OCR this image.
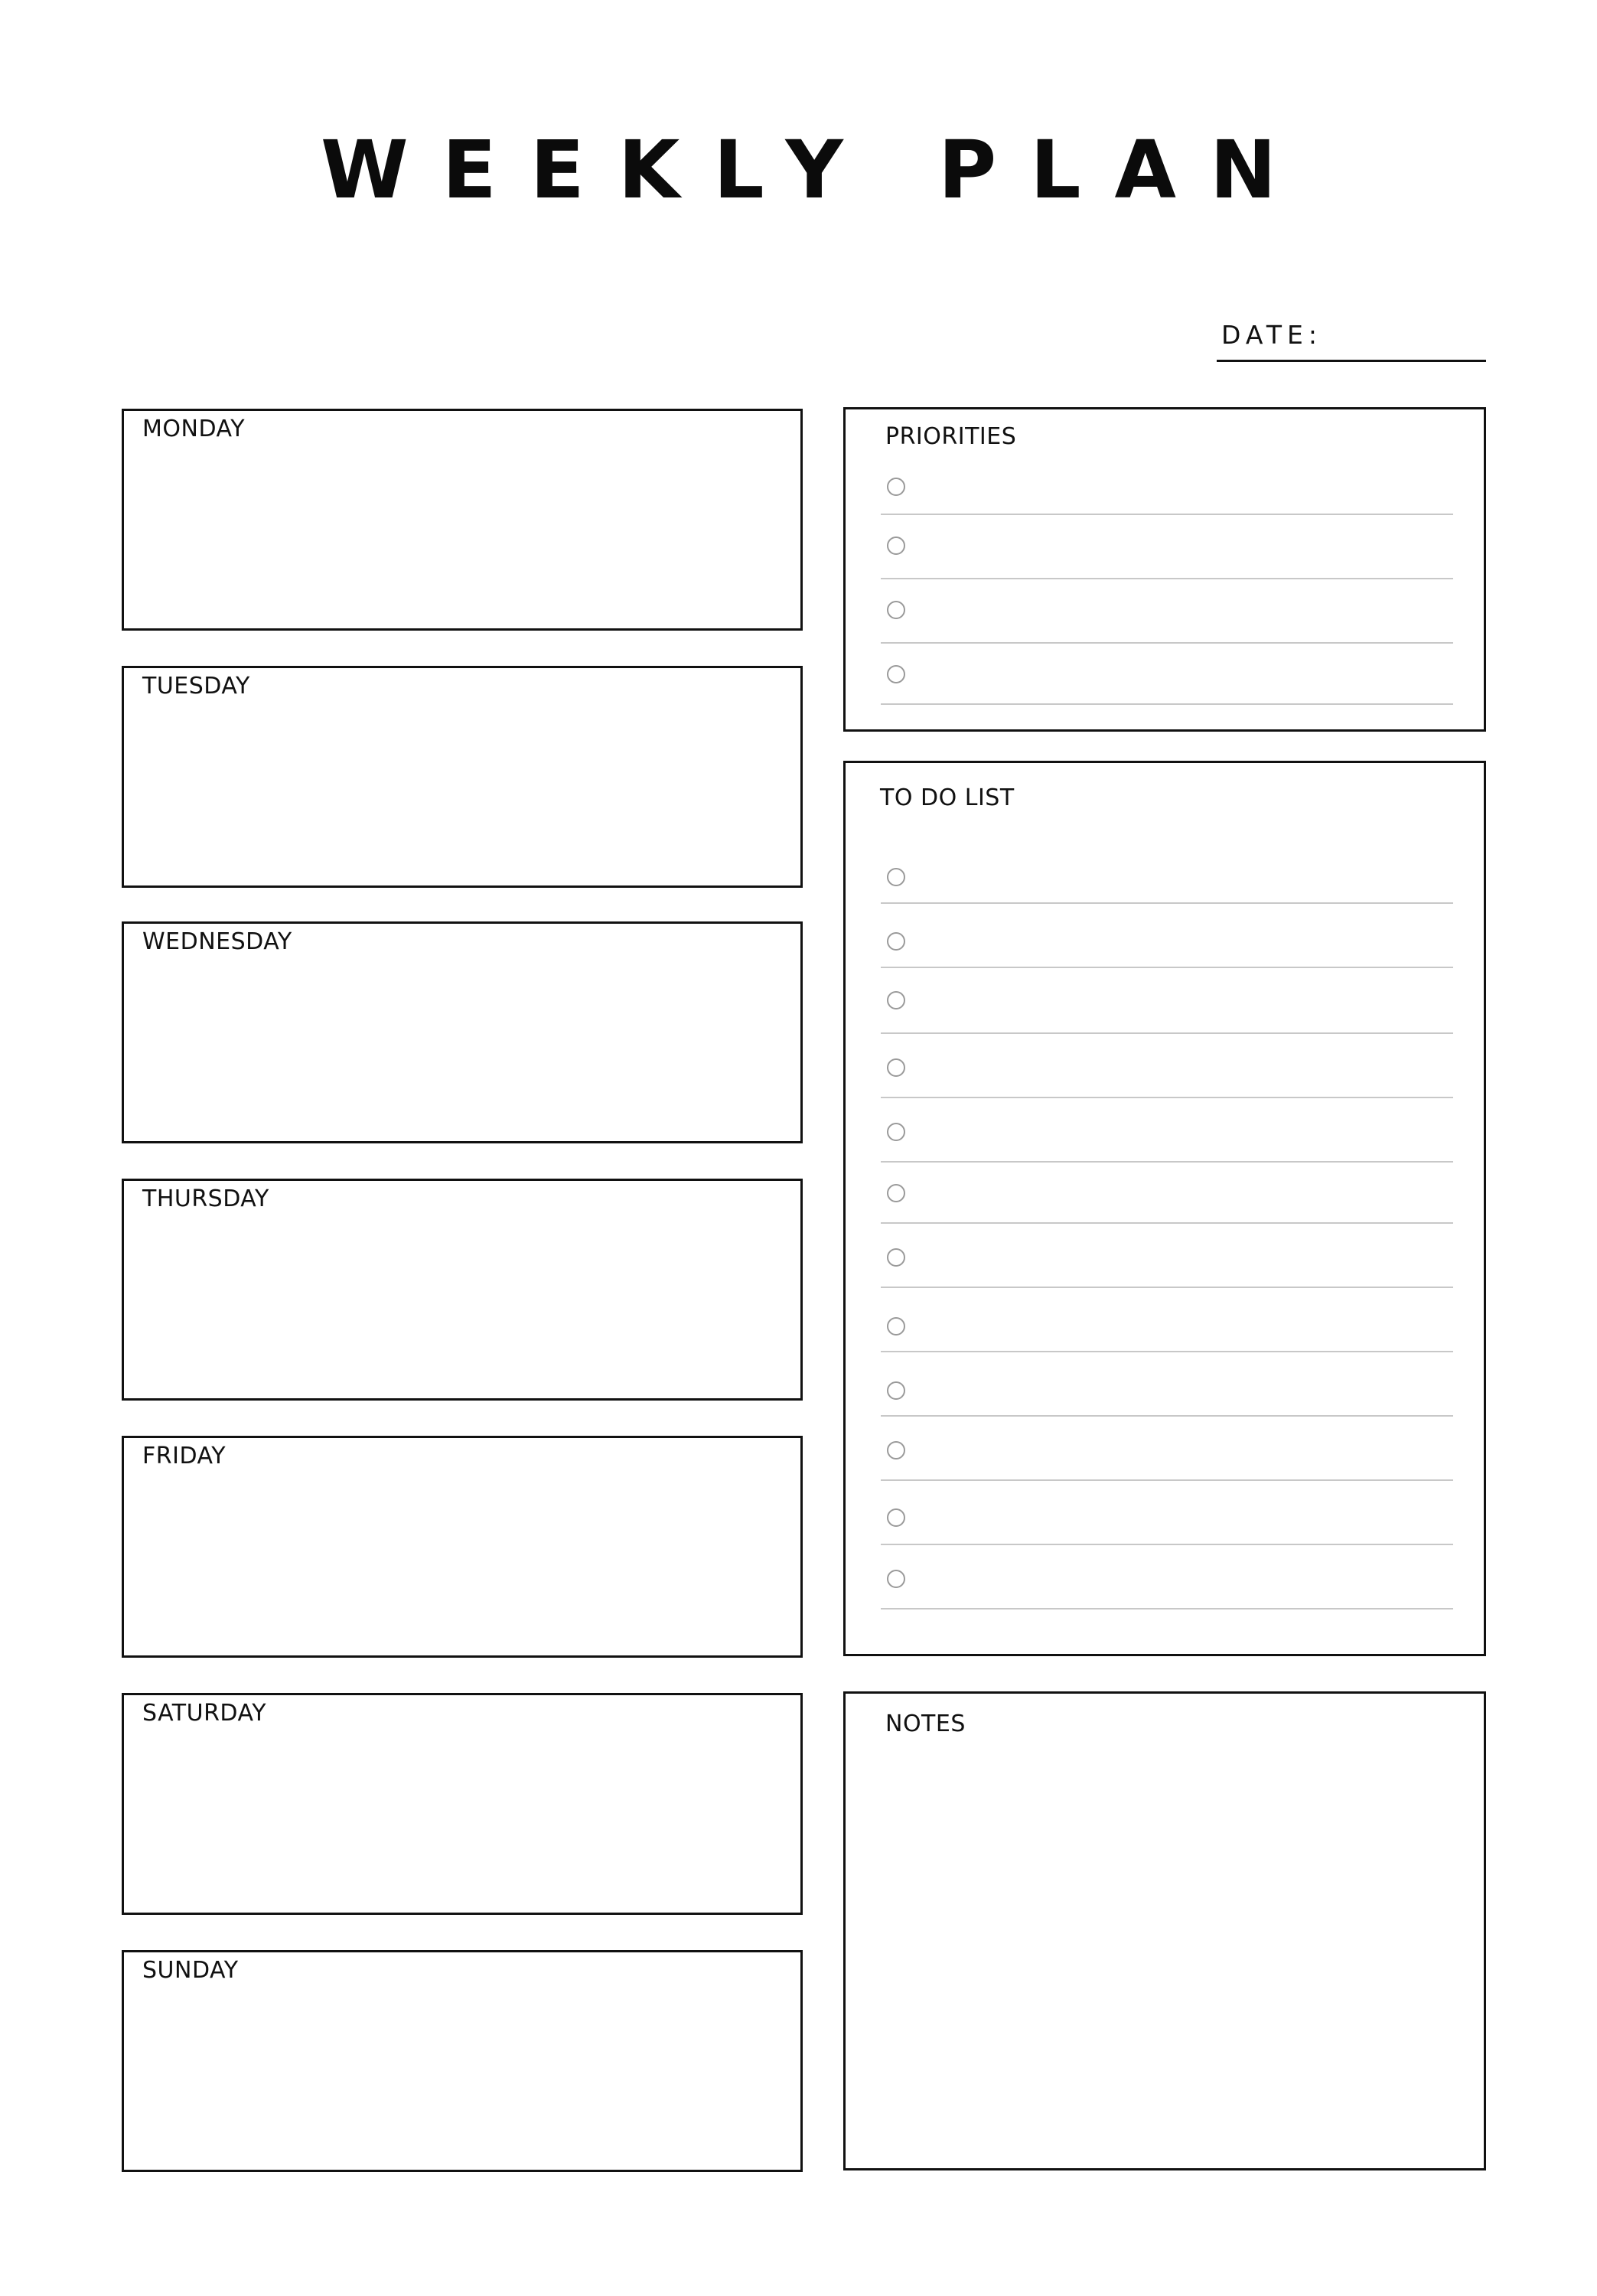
WEEKLY PLAN
DATE:
MONDAY
TUESDAY
WEDNESDAY
THURSDAY
FRIDAY
SATURDAY
SUNDAY
PRIORITIES
TO DO LIST
NOTES
